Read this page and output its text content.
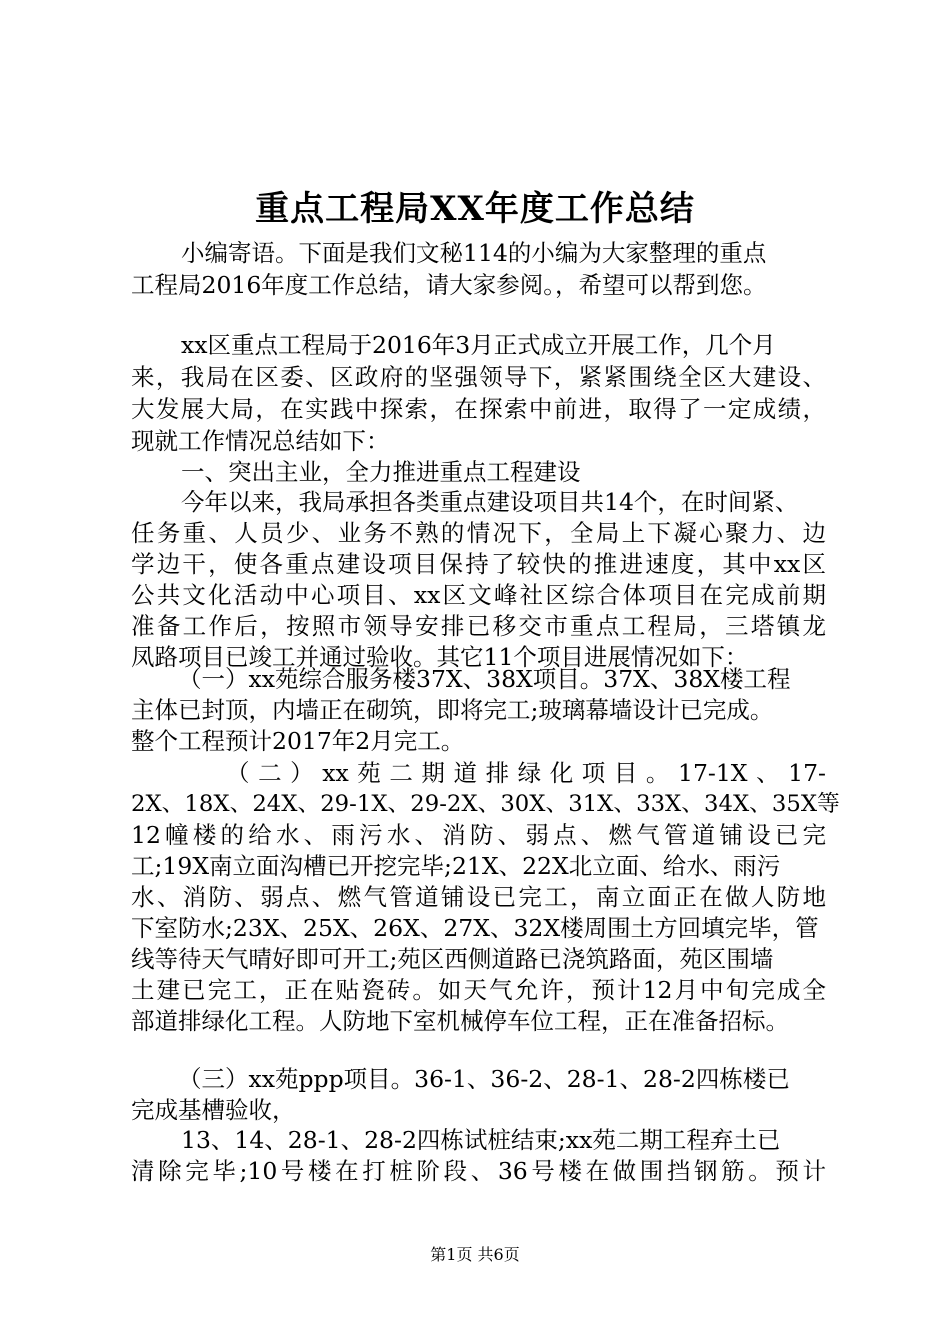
重点工程局XX年度工作总结

小编寄语。下面是我们文秘114的小编为大家整理的重点

工程局2016年度工作总结，请大家参阅。，希望可以帮到您。

xx区重点工程局于2016年3月正式成立开展工作，几个月

来，我局在区委、区政府的坚强领导下，紧紧围绕全区大建设、

大发展大局，在实践中探索，在探索中前进，取得了一定成绩，

现就工作情况总结如下：

一、突出主业，全力推进重点工程建设

今年以来，我局承担各类重点建设项目共14个，在时间紧、

任务重、人员少、业务不熟的情况下，全局上下凝心聚力、边

学边干，使各重点建设项目保持了较快的推进速度，其中xx区

公共文化活动中心项目、xx区文峰社区综合体项目在完成前期

准备工作后，按照市领导安排已移交市重点工程局，三塔镇龙

凤路项目已竣工并通过验收。其它11个项目进展情况如下：

（一）xx苑综合服务楼37X、38X项目。37X、38X楼工程

主体已封顶，内墙正在砌筑，即将完工;玻璃幕墙设计已完成。

整个工程预计2017年2月完工。

（二）xx苑二期道排绿化项目。17-1X、17-

2X、18X、24X、29-1X、29-2X、30X、31X、33X、34X、35X等

12幢楼的给水、雨污水、消防、弱点、燃气管道铺设已完

工;19X南立面沟槽已开挖完毕;21X、22X北立面、给水、雨污

水、消防、弱点、燃气管道铺设已完工，南立面正在做人防地

下室防水;23X、25X、26X、27X、32X楼周围土方回填完毕，管

线等待天气晴好即可开工;苑区西侧道路已浇筑路面，苑区围墙

土建已完工，正在贴瓷砖。如天气允许，预计12月中旬完成全

部道排绿化工程。人防地下室机械停车位工程，正在准备招标。

（三）xx苑ppp项目。36-1、36-2、28-1、28-2四栋楼已

完成基槽验收，

13、14、28-1、28-2四栋试桩结束;xx苑二期工程弃土已

清除完毕;10号楼在打桩阶段、36号楼在做围挡钢筋。预计

第1页 共6页
